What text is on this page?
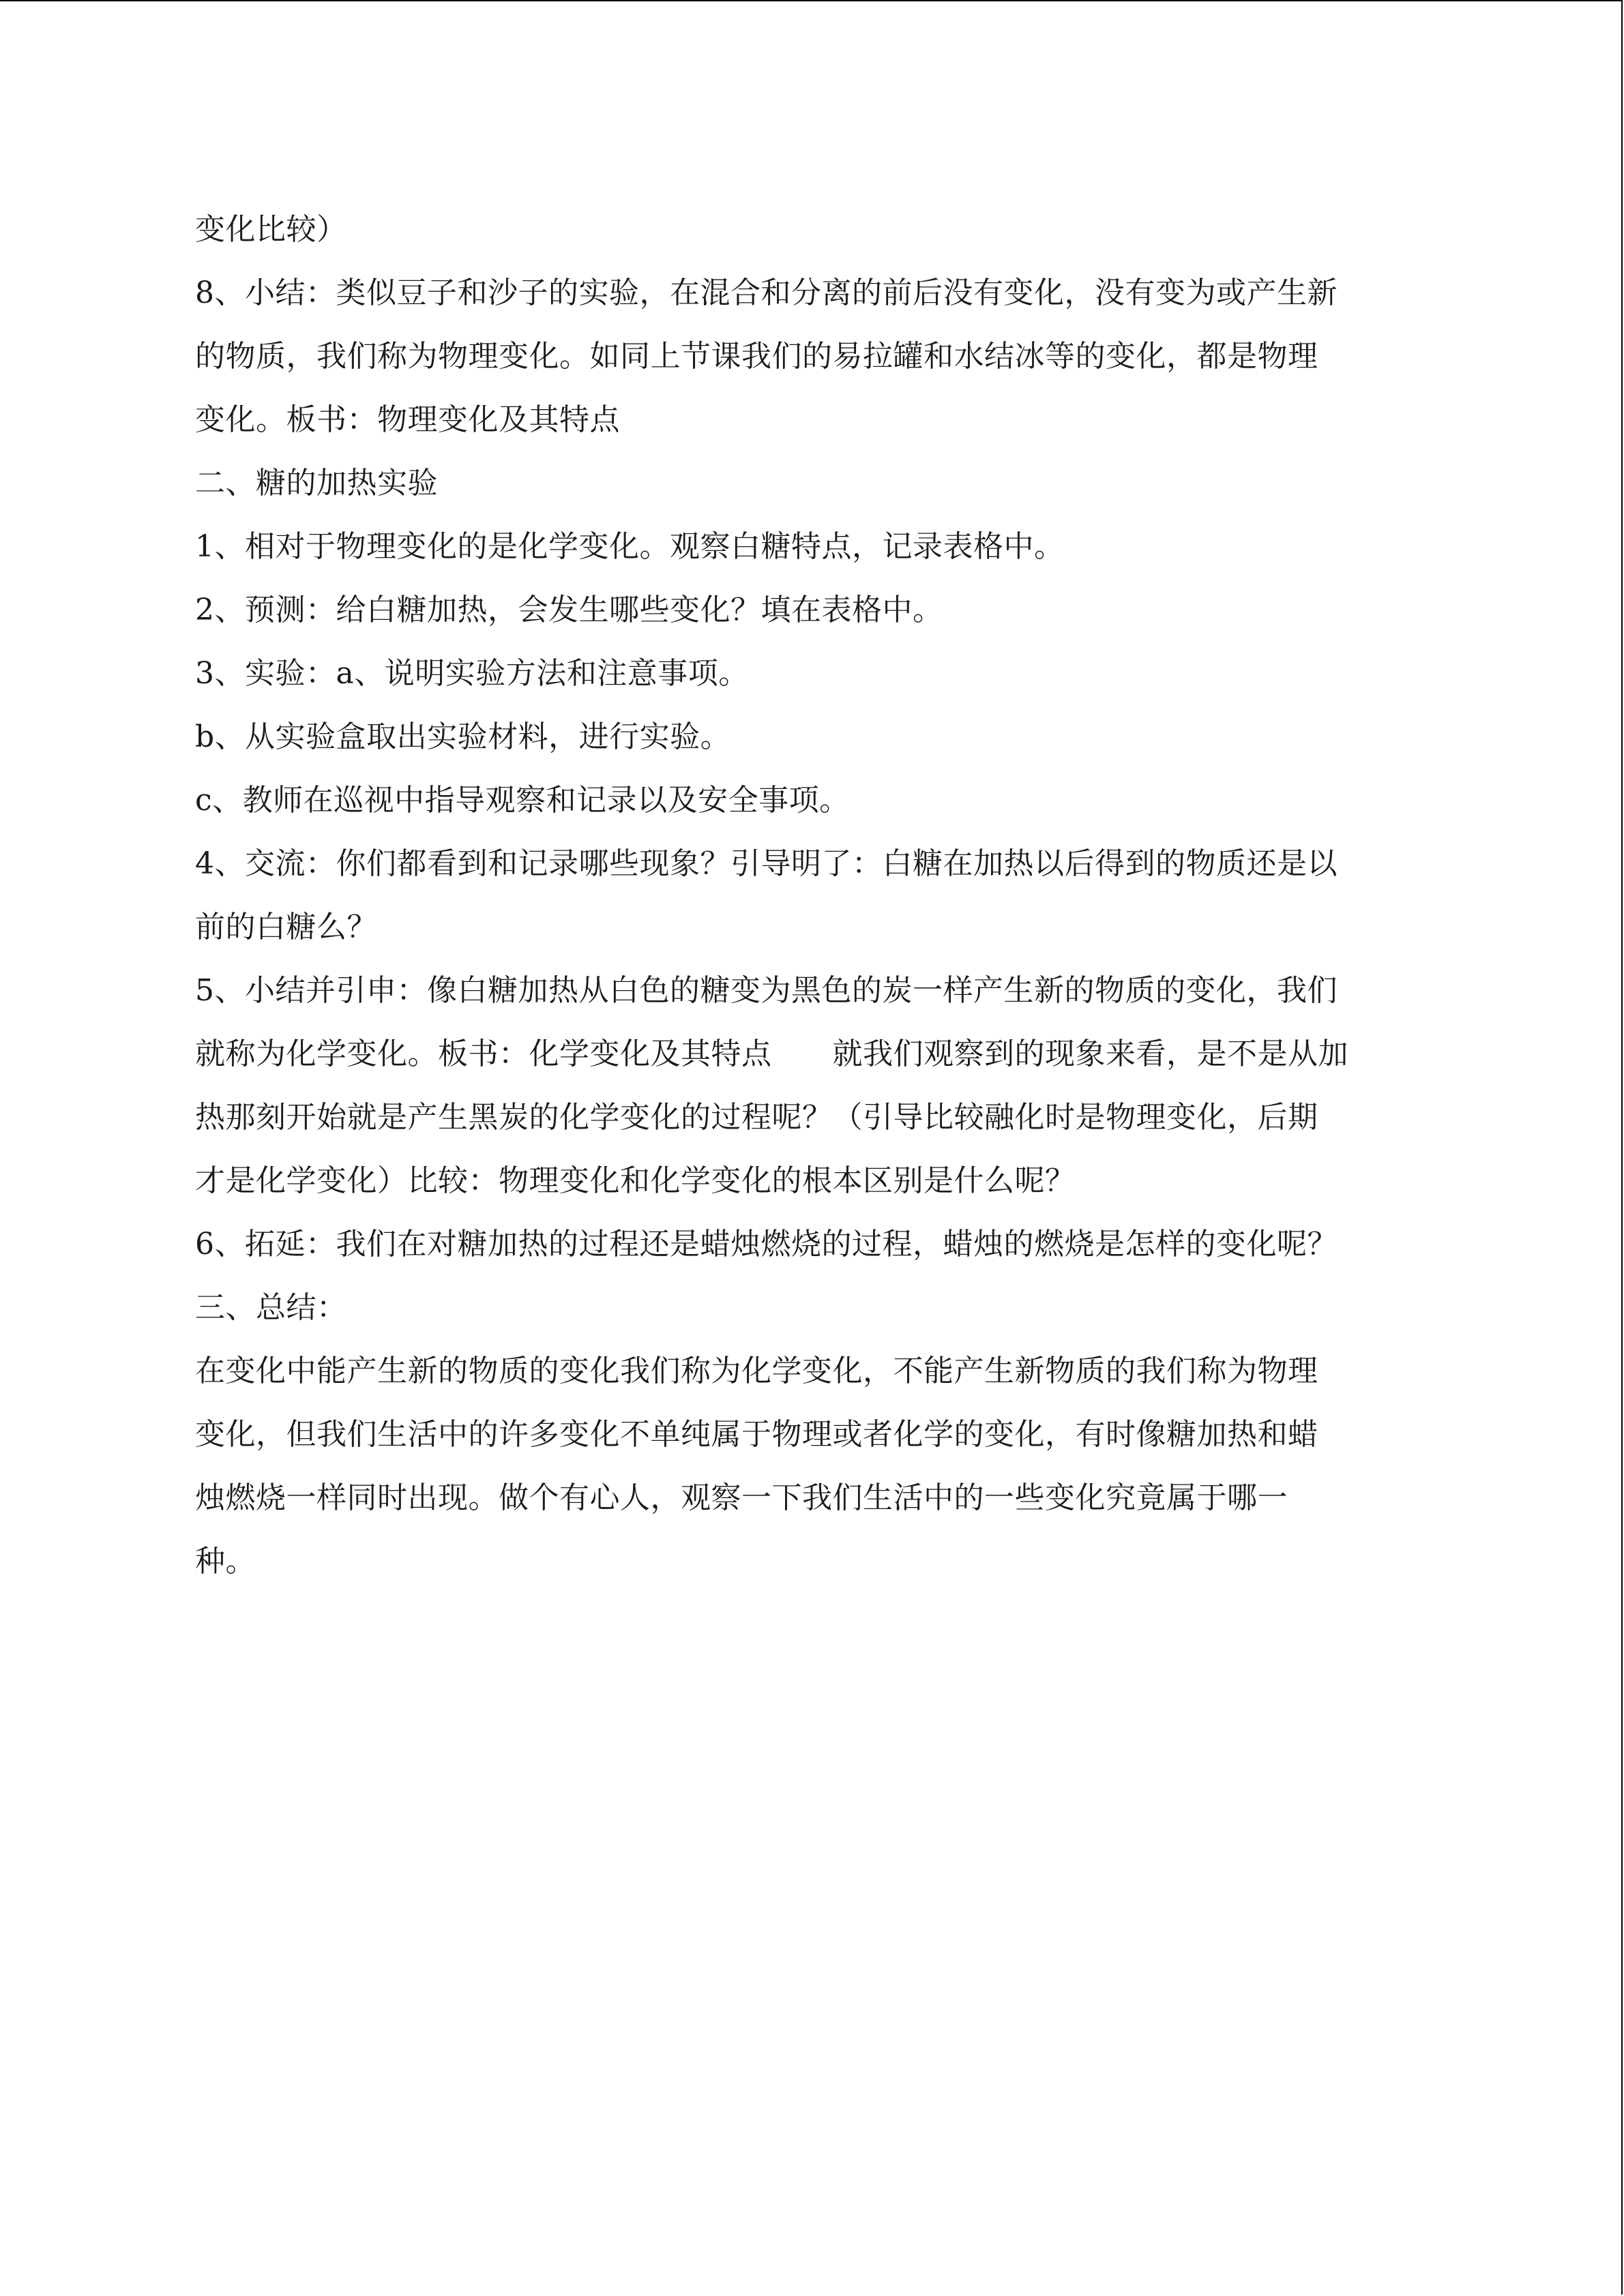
变化比较）
8、小结：类似豆子和沙子的实验，在混合和分离的前后没有变化，没有变为或产生新
的物质，我们称为物理变化。如同上节课我们的易拉罐和水结冰等的变化，都是物理
变化。板书：物理变化及其特点
二、糖的加热实验
1、相对于物理变化的是化学变化。观察白糖特点，记录表格中。
2、预测：给白糖加热，会发生哪些变化？填在表格中。
3、实验：a、说明实验方法和注意事项。
b、从实验盒取出实验材料，进行实验。
c、教师在巡视中指导观察和记录以及安全事项。
4、交流：你们都看到和记录哪些现象？引导明了：白糖在加热以后得到的物质还是以
前的白糖么？
5、小结并引申：像白糖加热从白色的糖变为黑色的炭一样产生新的物质的变化，我们
就称为化学变化。板书：化学变化及其特点　　就我们观察到的现象来看，是不是从加
热那刻开始就是产生黑炭的化学变化的过程呢？（引导比较融化时是物理变化，后期
才是化学变化）比较：物理变化和化学变化的根本区别是什么呢？
6、拓延：我们在对糖加热的过程还是蜡烛燃烧的过程，蜡烛的燃烧是怎样的变化呢？
三、总结：
在变化中能产生新的物质的变化我们称为化学变化，不能产生新物质的我们称为物理
变化，但我们生活中的许多变化不单纯属于物理或者化学的变化，有时像糖加热和蜡
烛燃烧一样同时出现。做个有心人，观察一下我们生活中的一些变化究竟属于哪一
种。
